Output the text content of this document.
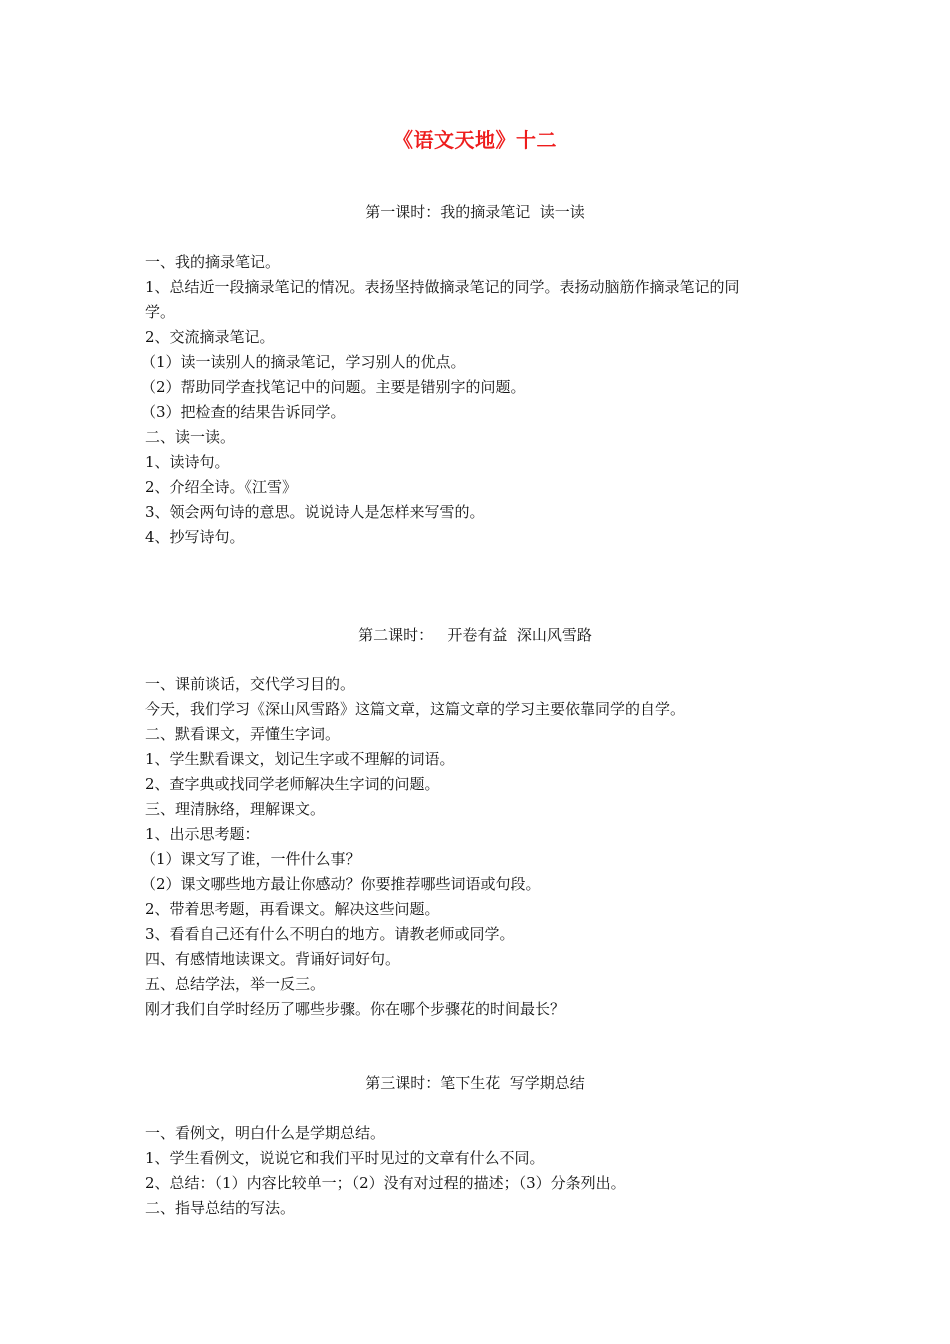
《语文天地》十二
第一课时：我的摘录笔记  读一读
一、我的摘录笔记。
1、总结近一段摘录笔记的情况。表扬坚持做摘录笔记的同学。表扬动脑筋作摘录笔记的同
学。
2、交流摘录笔记。
（1）读一读别人的摘录笔记，学习别人的优点。
（2）帮助同学查找笔记中的问题。主要是错别字的问题。
（3）把检查的结果告诉同学。
二、读一读。
1、读诗句。
2、介绍全诗。《江雪》
3、领会两句诗的意思。说说诗人是怎样来写雪的。
4、抄写诗句。
第二课时：   开卷有益  深山风雪路
一、课前谈话，交代学习目的。
今天，我们学习《深山风雪路》这篇文章，这篇文章的学习主要依靠同学的自学。
二、默看课文，弄懂生字词。
1、学生默看课文，划记生字或不理解的词语。
2、查字典或找同学老师解决生字词的问题。
三、理清脉络，理解课文。
1、出示思考题：
（1）课文写了谁，一件什么事？
（2）课文哪些地方最让你感动？你要推荐哪些词语或句段。
2、带着思考题，再看课文。解决这些问题。
3、看看自己还有什么不明白的地方。请教老师或同学。
四、有感情地读课文。背诵好词好句。
五、总结学法，举一反三。
刚才我们自学时经历了哪些步骤。你在哪个步骤花的时间最长？
第三课时：笔下生花  写学期总结
一、看例文，明白什么是学期总结。
1、学生看例文，说说它和我们平时见过的文章有什么不同。
2、总结：（1）内容比较单一；（2）没有对过程的描述；（3）分条列出。
二、指导总结的写法。
